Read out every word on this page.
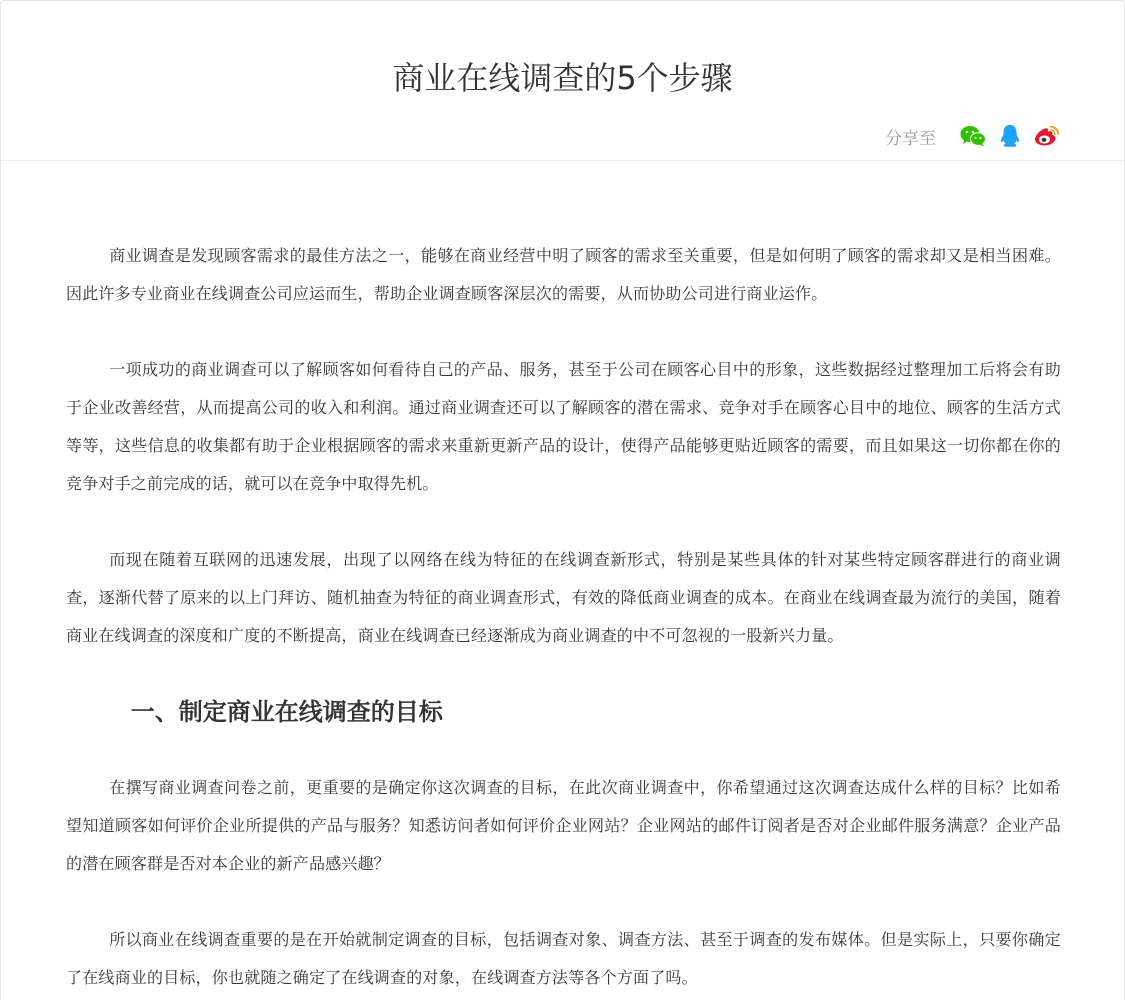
商业在线调查的5个步骤
分享至

商业调查是发现顾客需求的最佳方法之一，能够在商业经营中明了顾客的需求至关重要，但是如何明了顾客的需求却又是相当困难。因此许多专业商业在线调查公司应运而生，帮助企业调查顾客深层次的需要，从而协助公司进行商业运作。

一项成功的商业调查可以了解顾客如何看待自己的产品、服务，甚至于公司在顾客心目中的形象，这些数据经过整理加工后将会有助于企业改善经营，从而提高公司的收入和利润。通过商业调查还可以了解顾客的潜在需求、竞争对手在顾客心目中的地位、顾客的生活方式等等，这些信息的收集都有助于企业根据顾客的需求来重新更新产品的设计，使得产品能够更贴近顾客的需要，而且如果这一切你都在你的竞争对手之前完成的话，就可以在竞争中取得先机。

而现在随着互联网的迅速发展，出现了以网络在线为特征的在线调查新形式，特别是某些具体的针对某些特定顾客群进行的商业调查，逐渐代替了原来的以上门拜访、随机抽查为特征的商业调查形式，有效的降低商业调查的成本。在商业在线调查最为流行的美国，随着商业在线调查的深度和广度的不断提高，商业在线调查已经逐渐成为商业调查的中不可忽视的一股新兴力量。

一、制定商业在线调查的目标

在撰写商业调查问卷之前，更重要的是确定你这次调查的目标，在此次商业调查中，你希望通过这次调查达成什么样的目标？比如希望知道顾客如何评价企业所提供的产品与服务？知悉访问者如何评价企业网站？企业网站的邮件订阅者是否对企业邮件服务满意？企业产品的潜在顾客群是否对本企业的新产品感兴趣？

所以商业在线调查重要的是在开始就制定调查的目标，包括调查对象、调查方法、甚至于调查的发布媒体。但是实际上，只要你确定了在线商业的目标，你也就随之确定了在线调查的对象，在线调查方法等各个方面了吗。
